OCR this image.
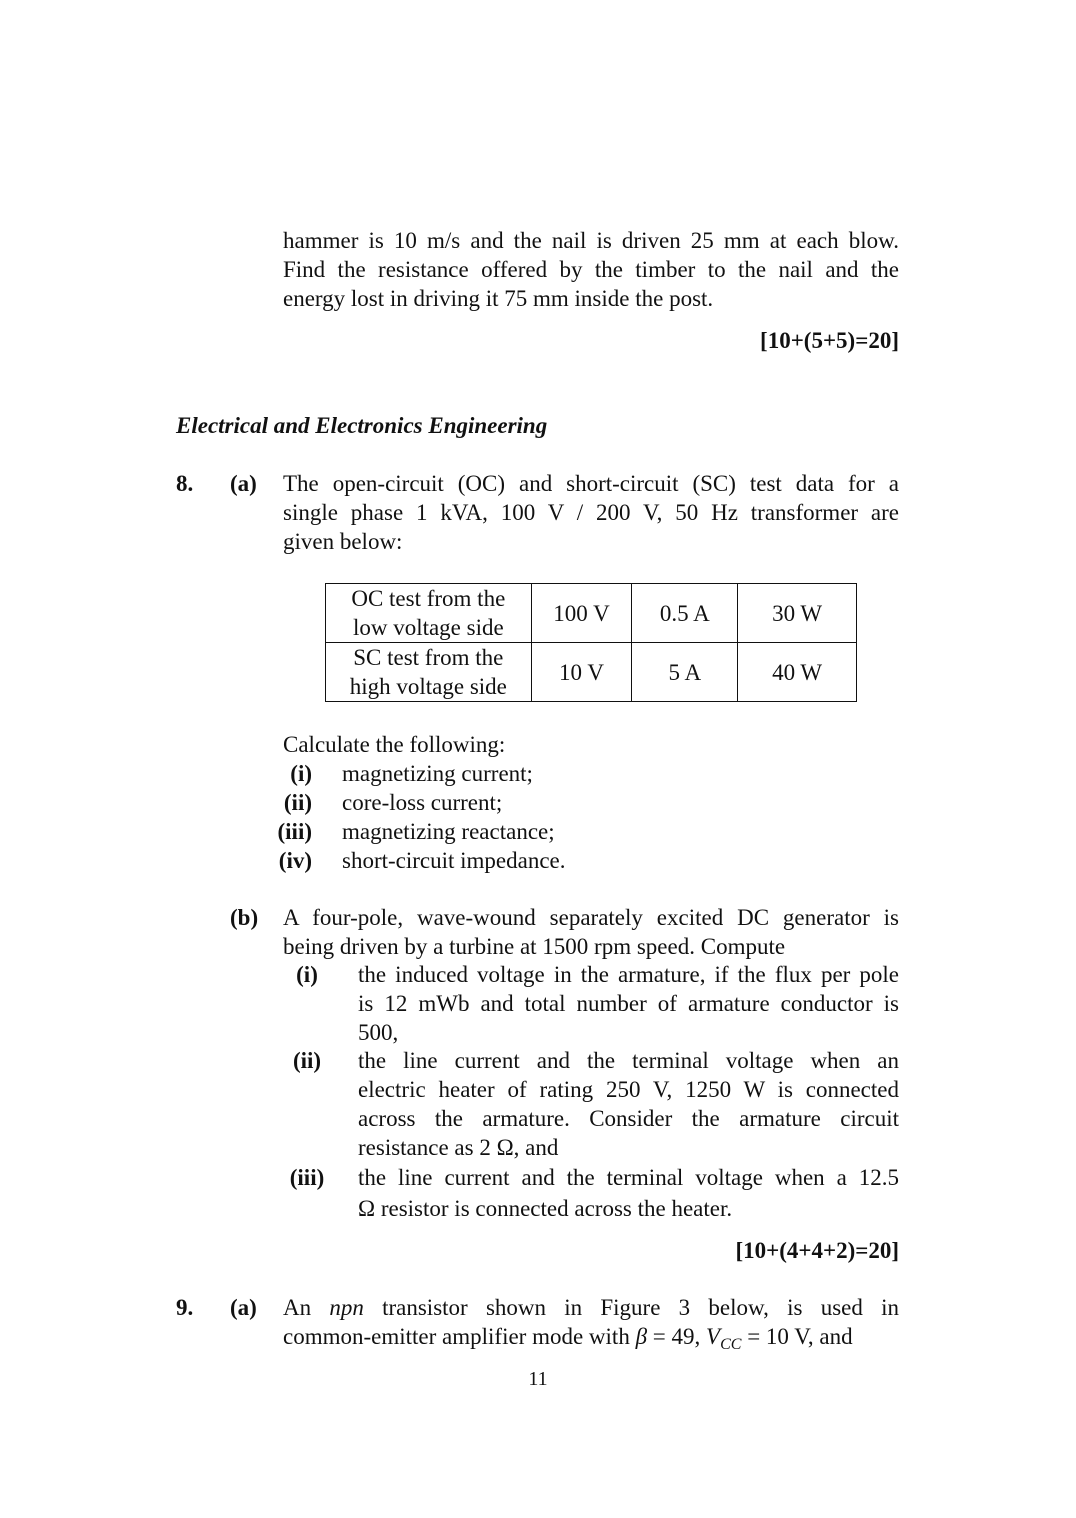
hammer is 10 m/s and the nail is driven 25 mm at each blow.
Find the resistance offered by the timber to the nail and the
energy lost in driving it 75 mm inside the post.
[10+(5+5)=20]
Electrical and Electronics Engineering
8. (a) The open-circuit (OC) and short-circuit (SC) test data for a
single phase 1 kVA, 100 V / 200 V, 50 Hz transformer are
given below:
OC test from the
low voltage side	100 V	0.5 A	30 W

SC test from the
high voltage side	10 V	5 A	40 W
Calculate the following:
(i) magnetizing current;
(ii) core-loss current;
(iii) magnetizing reactance;
(iv) short-circuit impedance.
(b) A four-pole, wave-wound separately excited DC generator is
being driven by a turbine at 1500 rpm speed. Compute
(i)	the induced voltage in the armature, if the flux per pole
is 12 mWb and total number of armature conductor is
500,
(ii)	the line current and the terminal voltage when an
electric heater of rating 250 V, 1250 W is connected
across the armature. Consider the armature circuit
resistance as 2 Ω, and
(iii)	the line current and the terminal voltage when a 12.5
Ω resistor is connected across the heater.
[10+(4+4+2)=20]
9. (a) An npn transistor shown in Figure 3 below, is used in
common-emitter amplifier mode with β = 49, $V_{CC} = 10$ V, and
11
